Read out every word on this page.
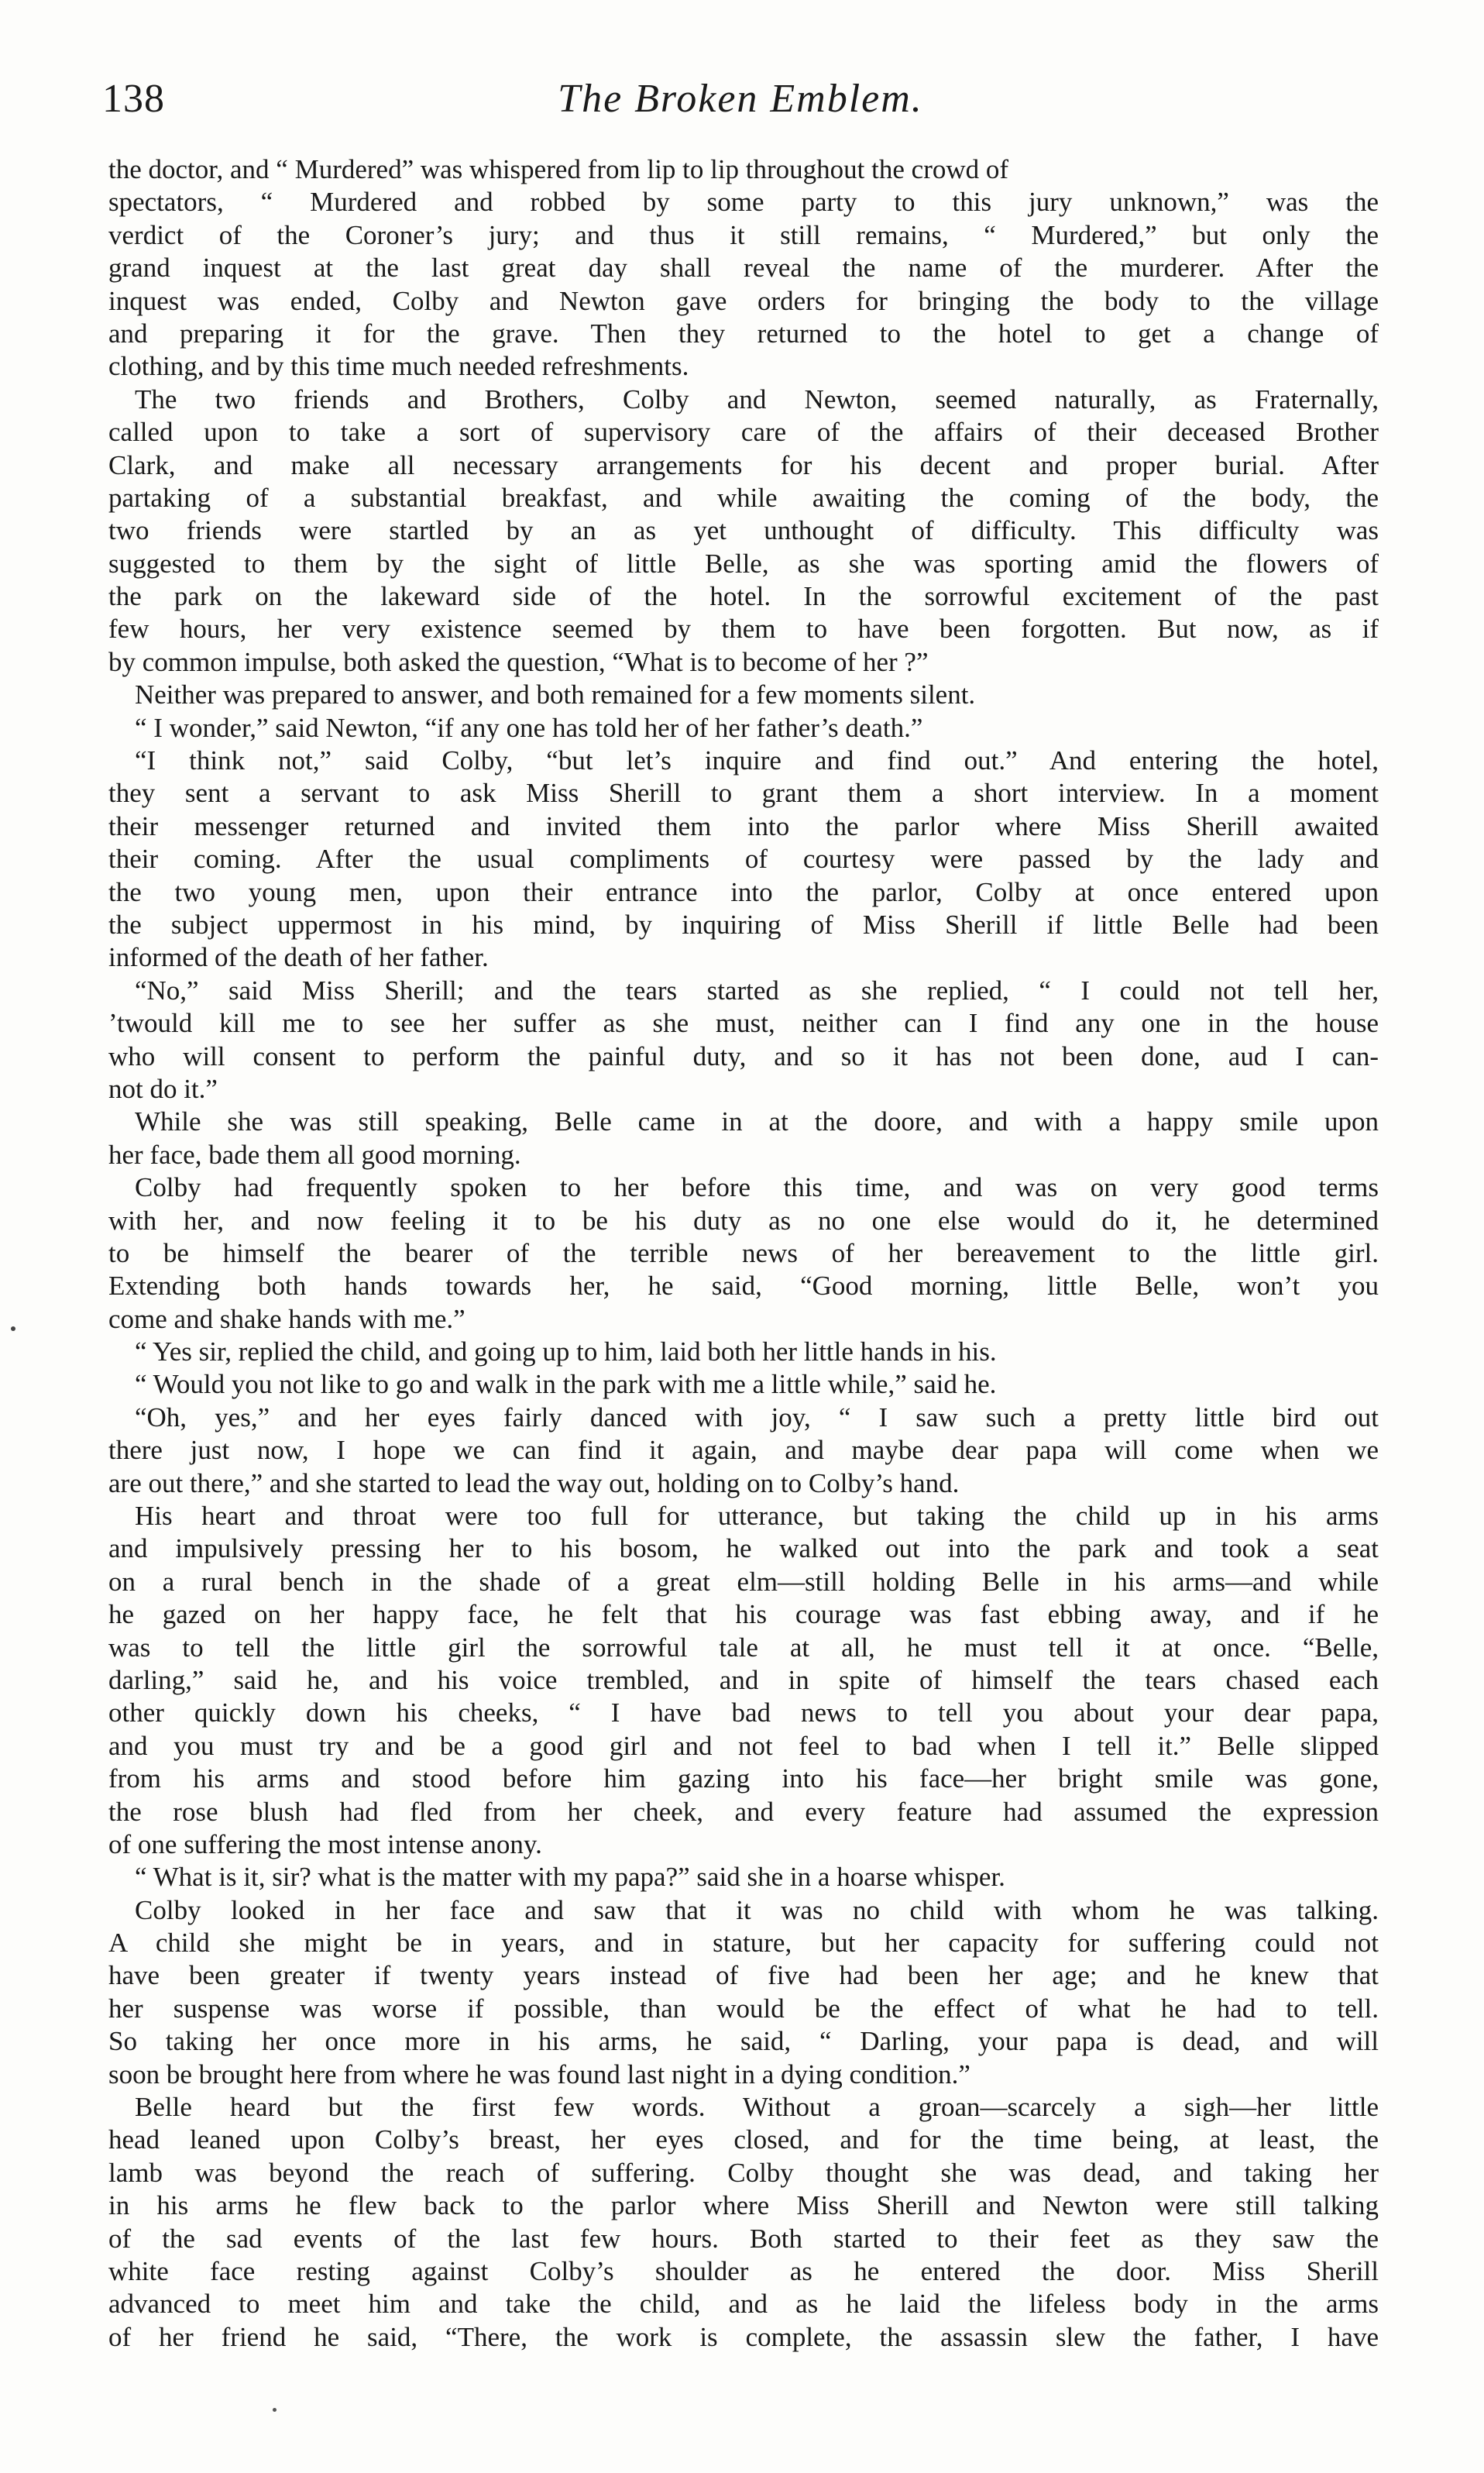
138	The Broken Emblem.
the doctor, and “ Murdered” was whispered from lip to lip throughout the crowd of
spectators, “ Murdered and robbed by some party to this jury unknown,” was the
verdict of the Coroner’s jury; and thus it still remains, “ Murdered,” but only the
grand inquest at the last great day shall reveal the name of the murderer. After the
inquest was ended, Colby and Newton gave orders for bringing the body to the village
and preparing it for the grave. Then they returned to the hotel to get a change of
clothing, and by this time much needed refreshments.
The two friends and Brothers, Colby and Newton, seemed naturally, as Fraternally,
called upon to take a sort of supervisory care of the affairs of their deceased Brother
Clark, and make all necessary arrangements for his decent and proper burial. After
partaking of a substantial breakfast, and while awaiting the coming of the body, the
two friends were startled by an as yet unthought of difficulty. This difficulty was
suggested to them by the sight of little Belle, as she was sporting amid the flowers of
the park on the lakeward side of the hotel. In the sorrowful excitement of the past
few hours, her very existence seemed by them to have been forgotten. But now, as if
by common impulse, both asked the question, “What is to become of her ?”
Neither was prepared to answer, and both remained for a few moments silent.
“ I wonder,” said Newton, “if any one has told her of her father’s death.”
“I think not,” said Colby, “but let’s inquire and find out.” And entering the hotel,
they sent a servant to ask Miss Sherill to grant them a short interview. In a moment
their messenger returned and invited them into the parlor where Miss Sherill awaited
their coming. After the usual compliments of courtesy were passed by the lady and
the two young men, upon their entrance into the parlor, Colby at once entered upon
the subject uppermost in his mind, by inquiring of Miss Sherill if little Belle had been
informed of the death of her father.
“No,” said Miss Sherill; and the tears started as she replied, “ I could not tell her,
’twould kill me to see her suffer as she must, neither can I find any one in the house
who will consent to perform the painful duty, and so it has not been done, aud I can-
not do it.”
While she was still speaking, Belle came in at the doore, and with a happy smile upon
her face, bade them all good morning.
Colby had frequently spoken to her before this time, and was on very good terms
with her, and now feeling it to be his duty as no one else would do it, he determined
to be himself the bearer of the terrible news of her bereavement to the little girl.
Extending both hands towards her, he said, “Good morning, little Belle, won’t you
come and shake hands with me.”
“ Yes sir, replied the child, and going up to him, laid both her little hands in his.
“ Would you not like to go and walk in the park with me a little while,” said he.
“Oh, yes,” and her eyes fairly danced with joy, “ I saw such a pretty little bird out
there just now, I hope we can find it again, and maybe dear papa will come when we
are out there,” and she started to lead the way out, holding on to Colby’s hand.
His heart and throat were too full for utterance, but taking the child up in his arms
and impulsively pressing her to his bosom, he walked out into the park and took a seat
on a rural bench in the shade of a great elm—still holding Belle in his arms—and while
he gazed on her happy face, he felt that his courage was fast ebbing away, and if he
was to tell the little girl the sorrowful tale at all, he must tell it at once. “Belle,
darling,” said he, and his voice trembled, and in spite of himself the tears chased each
other quickly down his cheeks, “ I have bad news to tell you about your dear papa,
and you must try and be a good girl and not feel to bad when I tell it.” Belle slipped
from his arms and stood before him gazing into his face—her bright smile was gone,
the rose blush had fled from her cheek, and every feature had assumed the expression
of one suffering the most intense anony.
“ What is it, sir? what is the matter with my papa?” said she in a hoarse whisper.
Colby looked in her face and saw that it was no child with whom he was talking.
A child she might be in years, and in stature, but her capacity for suffering could not
have been greater if twenty years instead of five had been her age; and he knew that
her suspense was worse if possible, than would be the effect of what he had to tell.
So taking her once more in his arms, he said, “ Darling, your papa is dead, and will
soon be brought here from where he was found last night in a dying condition.”
Belle heard but the first few words. Without a groan—scarcely a sigh—her little
head leaned upon Colby’s breast, her eyes closed, and for the time being, at least, the
lamb was beyond the reach of suffering. Colby thought she was dead, and taking her
in his arms he flew back to the parlor where Miss Sherill and Newton were still talking
of the sad events of the last few hours. Both started to their feet as they saw the
white face resting against Colby’s shoulder as he entered the door. Miss Sherill
advanced to meet him and take the child, and as he laid the lifeless body in the arms
of her friend he said, “There, the work is complete, the assassin slew the father, I have
